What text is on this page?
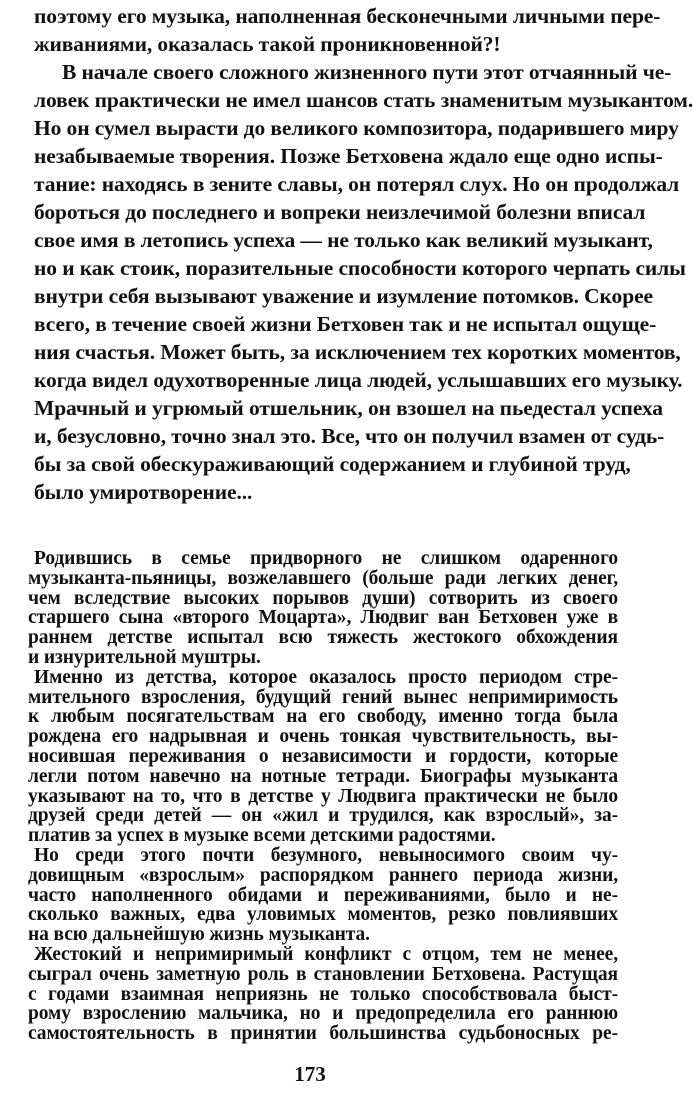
поэтому его музыка, наполненная бесконечными личными пере-
живаниями, оказалась такой проникновенной?!
В начале своего сложного жизненного пути этот отчаянный че-
ловек практически не имел шансов стать знаменитым музыкантом.
Но он сумел вырасти до великого композитора, подарившего миру
незабываемые творения. Позже Бетховена ждало еще одно испы-
тание: находясь в зените славы, он потерял слух. Но он продолжал
бороться до последнего и вопреки неизлечимой болезни вписал
свое имя в летопись успеха — не только как великий музыкант,
но и как стоик, поразительные способности которого черпать силы
внутри себя вызывают уважение и изумление потомков. Скорее
всего, в течение своей жизни Бетховен так и не испытал ощуще-
ния счастья. Может быть, за исключением тех коротких моментов,
когда видел одухотворенные лица людей, услышавших его музыку.
Мрачный и угрюмый отшельник, он взошел на пьедестал успеха
и, безусловно, точно знал это. Все, что он получил взамен от судь-
бы за свой обескураживающий содержанием и глубиной труд,
было умиротворение...
Родившись в семье придворного не слишком одаренного
музыканта-пьяницы, возжелавшего (больше ради легких денег,
чем вследствие высоких порывов души) сотворить из своего
старшего сына «второго Моцарта», Людвиг ван Бетховен уже в
раннем детстве испытал всю тяжесть жестокого обхождения
и изнурительной муштры.
Именно из детства, которое оказалось просто периодом стре-
мительного взросления, будущий гений вынес непримиримость
к любым посягательствам на его свободу, именно тогда была
рождена его надрывная и очень тонкая чувствительность, вы-
носившая переживания о независимости и гордости, которые
легли потом навечно на нотные тетради. Биографы музыканта
указывают на то, что в детстве у Людвига практически не было
друзей среди детей — он «жил и трудился, как взрослый», за-
платив за успех в музыке всеми детскими радостями.
Но среди этого почти безумного, невыносимого своим чу-
довищным «взрослым» распорядком раннего периода жизни,
часто наполненного обидами и переживаниями, было и не-
сколько важных, едва уловимых моментов, резко повлиявших
на всю дальнейшую жизнь музыканта.
Жестокий и непримиримый конфликт с отцом, тем не менее,
сыграл очень заметную роль в становлении Бетховена. Растущая
с годами взаимная неприязнь не только способствовала быст-
рому взрослению мальчика, но и предопределила его раннюю
самостоятельность в принятии большинства судьбоносных ре-
173
